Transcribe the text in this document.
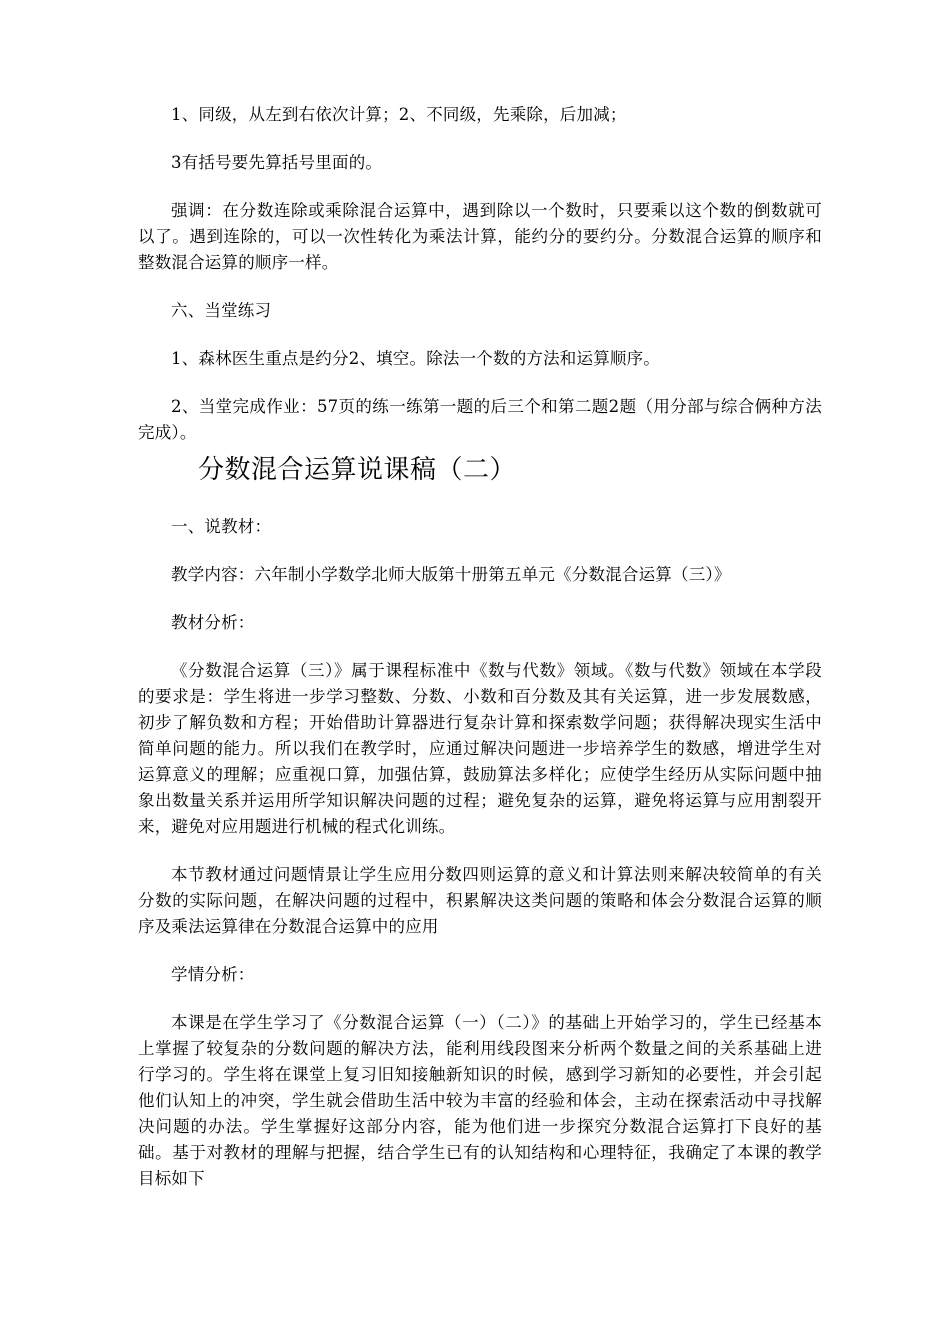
1、同级，从左到右依次计算；2、不同级，先乘除，后加减；

3有括号要先算括号里面的。

强调：在分数连除或乘除混合运算中，遇到除以一个数时，只要乘以这个数的倒数就可以了。遇到连除的，可以一次性转化为乘法计算，能约分的要约分。分数混合运算的顺序和整数混合运算的顺序一样。

六、当堂练习

1、森林医生重点是约分2、填空。除法一个数的方法和运算顺序。

2、当堂完成作业：57页的练一练第一题的后三个和第二题2题（用分部与综合俩种方法完成）。

分数混合运算说课稿（二）

一、说教材：

教学内容：六年制小学数学北师大版第十册第五单元《分数混合运算（三）》

教材分析：

《分数混合运算（三）》属于课程标准中《数与代数》领域。《数与代数》领域在本学段的要求是：学生将进一步学习整数、分数、小数和百分数及其有关运算，进一步发展数感，初步了解负数和方程；开始借助计算器进行复杂计算和探索数学问题；获得解决现实生活中简单问题的能力。所以我们在教学时，应通过解决问题进一步培养学生的数感，增进学生对运算意义的理解；应重视口算，加强估算，鼓励算法多样化；应使学生经历从实际问题中抽象出数量关系并运用所学知识解决问题的过程；避免复杂的运算，避免将运算与应用割裂开来，避免对应用题进行机械的程式化训练。

本节教材通过问题情景让学生应用分数四则运算的意义和计算法则来解决较简单的有关分数的实际问题，在解决问题的过程中，积累解决这类问题的策略和体会分数混合运算的顺序及乘法运算律在分数混合运算中的应用

学情分析：

本课是在学生学习了《分数混合运算（一）（二）》的基础上开始学习的，学生已经基本上掌握了较复杂的分数问题的解决方法，能利用线段图来分析两个数量之间的关系基础上进行学习的。学生将在课堂上复习旧知接触新知识的时候，感到学习新知的必要性，并会引起他们认知上的冲突，学生就会借助生活中较为丰富的经验和体会，主动在探索活动中寻找解决问题的办法。学生掌握好这部分内容，能为他们进一步探究分数混合运算打下良好的基础。基于对教材的理解与把握，结合学生已有的认知结构和心理特征，我确定了本课的教学目标如下
